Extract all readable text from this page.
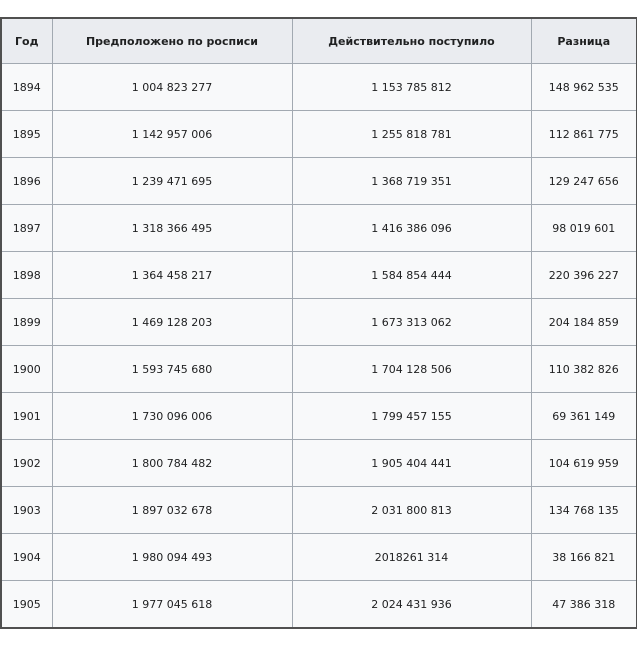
Год	Предположено по росписи	Действительно поступило	Разница
1894	1 004 823 277	1 153 785 812	148 962 535
1895	1 142 957 006	1 255 818 781	112 861 775
1896	1 239 471 695	1 368 719 351	129 247 656
1897	1 318 366 495	1 416 386 096	98 019 601
1898	1 364 458 217	1 584 854 444	220 396 227
1899	1 469 128 203	1 673 313 062	204 184 859
1900	1 593 745 680	1 704 128 506	110 382 826
1901	1 730 096 006	1 799 457 155	69 361 149
1902	1 800 784 482	1 905 404 441	104 619 959
1903	1 897 032 678	2 031 800 813	134 768 135
1904	1 980 094 493	2018261 314	38 166 821
1905	1 977 045 618	2 024 431 936	47 386 318
